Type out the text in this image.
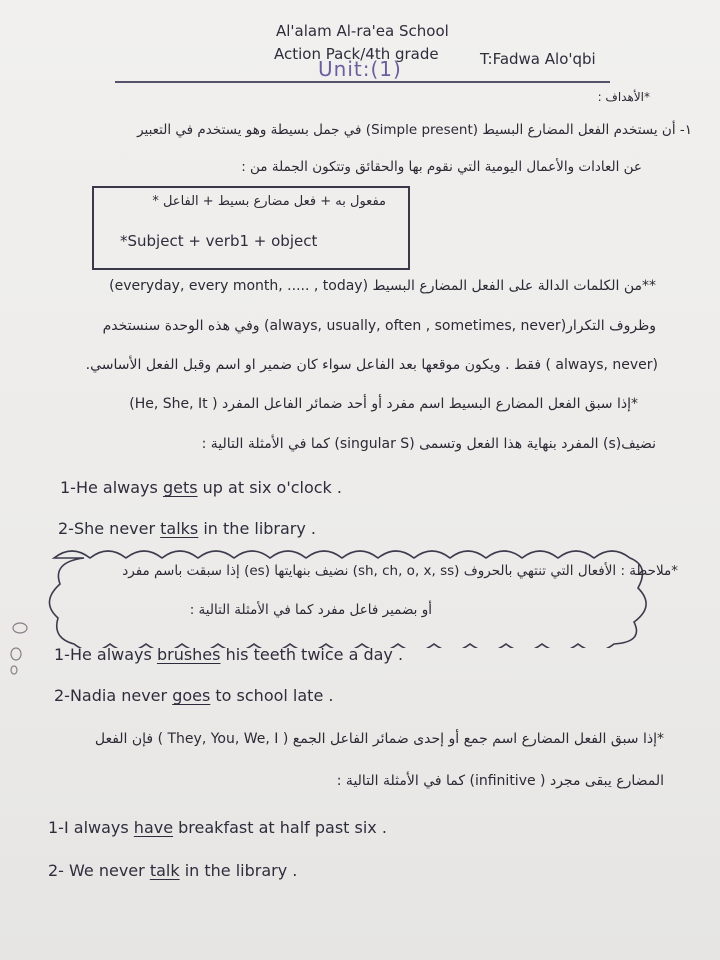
Al'alam Al-ra'ea School
Action Pack/4th grade	T:Fadwa Alo'qbi
Unit:(1)
*الأهداف :
١- أن يستخدم الفعل المضارع البسيط (Simple present) في جمل بسيطة وهو يستخدم في التعبير
عن العادات والأعمال اليومية التي نقوم بها والحقائق وتتكون الجملة من :
مفعول به + فعل مضارع بسيط + الفاعل *
*Subject + verb1 + object
**من الكلمات الدالة على الفعل المضارع البسيط (everyday, every month, ..... , today)
وظروف التكرار(always, usually, often , sometimes, never) وفي هذه الوحدة سنستخدم
(always, never ) فقط . ويكون موقعها بعد الفاعل سواء كان ضمير او اسم وقبل الفعل الأساسي.
*إذا سبق الفعل المضارع البسيط اسم مفرد أو أحد ضمائر الفاعل المفرد ( He, She, It)
نضيف(s) المفرد بنهاية هذا الفعل وتسمى (singular S) كما في الأمثلة التالية :
1-He always gets up at six o'clock .
2-She never talks in the library .
*ملاحظة : الأفعال التي تنتهي بالحروف (sh, ch, o, x, ss) نضيف بنهايتها (es) إذا سبقت باسم مفرد
أو بضمير فاعل مفرد كما في الأمثلة التالية :
1-He always brushes his teeth twice a day .
2-Nadia never goes to school late .
*إذا سبق الفعل المضارع اسم جمع أو إحدى ضمائر الفاعل الجمع ( They, You, We, I ) فإن الفعل
المضارع يبقى مجرد ( infinitive) كما في الأمثلة التالية :
1-I always have breakfast at half past six .
2- We never talk in the library .
